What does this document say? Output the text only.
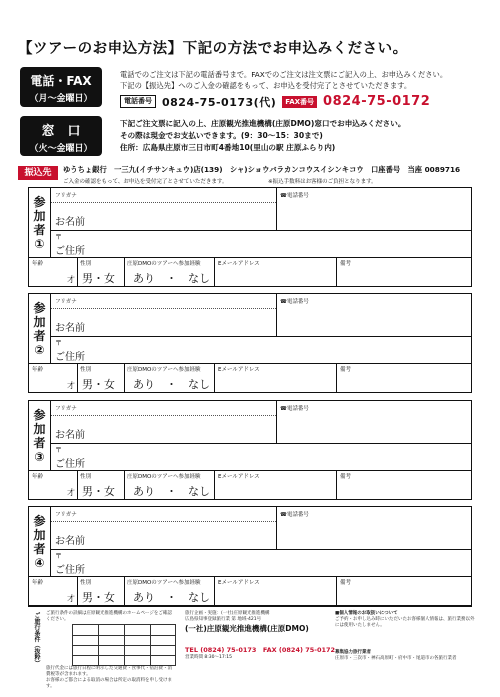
【ツアーのお申込方法】下記の方法でお申込みください。
電話・FAX
（月～金曜日）
電話でのご注文は下記の電話番号まで。FAXでのご注文は注文票にご記入の上、お申込みください。
下記の【振込先】へのご入金の確認をもって、お申込を受付完了とさせていただきます。
電話番号 0824-75-0173(代)	FAX番号 0824-75-0172
窓　口
（火～金曜日）
下記ご注文票に記入の上、庄原観光推進機構(庄原DMO)窓口でお申込みください。
その際は現金でお支払いできます。(9：30～15：30まで)
住所：広島県庄原市三日市町4番地10(里山の駅 庄原ふらり内)
振込先	ゆうちょ銀行　一三九(イチサンキュウ)店(139)　シャ)ショウバラカンコウスイシンキコウ　口座番号　当座 0089716
ご入金の確認をもって、お申込を受付完了とさせていただきます。	※振込手数料はお客様のご負担となります。
参
加
者
①
フリガナ
お名前
☎電話番号
〒
ご住所
年齢
才
性別
男・女
庄原DMOのツアーへ参加経験
あり　・　なし
Eメールアドレス	備考
参
加
者
②
フリガナ
お名前
☎電話番号
〒
ご住所
年齢
才
性別
男・女
庄原DMOのツアーへ参加経験
あり　・　なし
Eメールアドレス	備考
参
加
者
③
フリガナ
お名前
☎電話番号
〒
ご住所
年齢
才
性別
男・女
庄原DMOのツアーへ参加経験
あり　・　なし
Eメールアドレス	備考
参
加
者
④
フリガナ
お名前
☎電話番号
〒
ご住所
年齢
才
性別
男・女
庄原DMOのツアーへ参加経験
あり　・　なし
Eメールアドレス	備考
ご旅行条件（抜粋） ご旅行条件の詳細は庄原観光推進機構のホームページをご確認ください。
旅行代金には旅行日程に明示した交通費・食事代・宿泊費・消費税等が含まれます。
お客様のご都合による取消の場合は所定の取消料を申し受けます。
旅行企画・実施：(一社)庄原観光推進機構
広島県知事登録旅行業 第 地域-421号
(一社)庄原観光推進機構(庄原DMO)
TEL (0824) 75-0173　FAX (0824) 75-0172
営業時間 8:30～17:15
■個人情報のお取扱いについて
ご予約・お申し込み時にいただいたお客様個人情報は、旅行業務以外には使用いたしません。
募集協力旅行業者
庄原市・三次市・神石高原町・府中市・尾道市の各旅行業者
